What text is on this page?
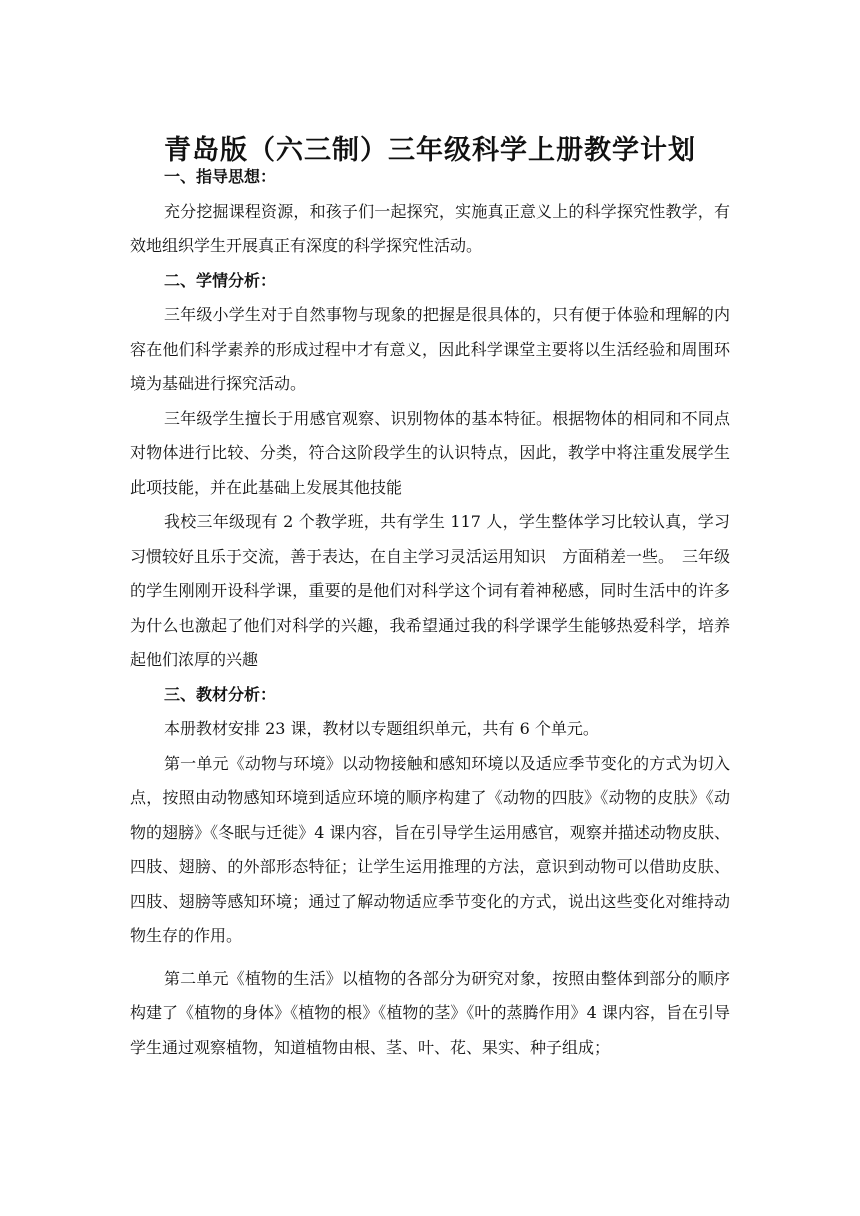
青岛版（六三制）三年级科学上册教学计划

一、指导思想：

充分挖掘课程资源，和孩子们一起探究，实施真正意义上的科学探究性教学，有效地组织学生开展真正有深度的科学探究性活动。

二、学情分析：

三年级小学生对于自然事物与现象的把握是很具体的，只有便于体验和理解的内容在他们科学素养的形成过程中才有意义，因此科学课堂主要将以生活经验和周围环境为基础进行探究活动。

三年级学生擅长于用感官观察、识别物体的基本特征。根据物体的相同和不同点对物体进行比较、分类，符合这阶段学生的认识特点，因此，教学中将注重发展学生此项技能，并在此基础上发展其他技能

我校三年级现有 2 个教学班，共有学生 117 人，学生整体学习比较认真，学习习惯较好且乐于交流，善于表达，在自主学习灵活运用知识　方面稍差一些。　三年级的学生刚刚开设科学课，重要的是他们对科学这个词有着神秘感，同时生活中的许多为什么也激起了他们对科学的兴趣，我希望通过我的科学课学生能够热爱科学，培养起他们浓厚的兴趣

三、教材分析：

本册教材安排 23 课，教材以专题组织单元，共有 6 个单元。

第一单元《动物与环境》以动物接触和感知环境以及适应季节变化的方式为切入点，按照由动物感知环境到适应环境的顺序构建了《动物的四肢》《动物的皮肤》《动物的翅膀》《冬眠与迁徙》4 课内容，旨在引导学生运用感官，观察并描述动物皮肤、四肢、翅膀、的外部形态特征；让学生运用推理的方法，意识到动物可以借助皮肤、四肢、翅膀等感知环境；通过了解动物适应季节变化的方式，说出这些变化对维持动物生存的作用。

第二单元《植物的生活》以植物的各部分为研究对象，按照由整体到部分的顺序构建了《植物的身体》《植物的根》《植物的茎》《叶的蒸腾作用》4 课内容，旨在引导学生通过观察植物，知道植物由根、茎、叶、花、果实、种子组成；
